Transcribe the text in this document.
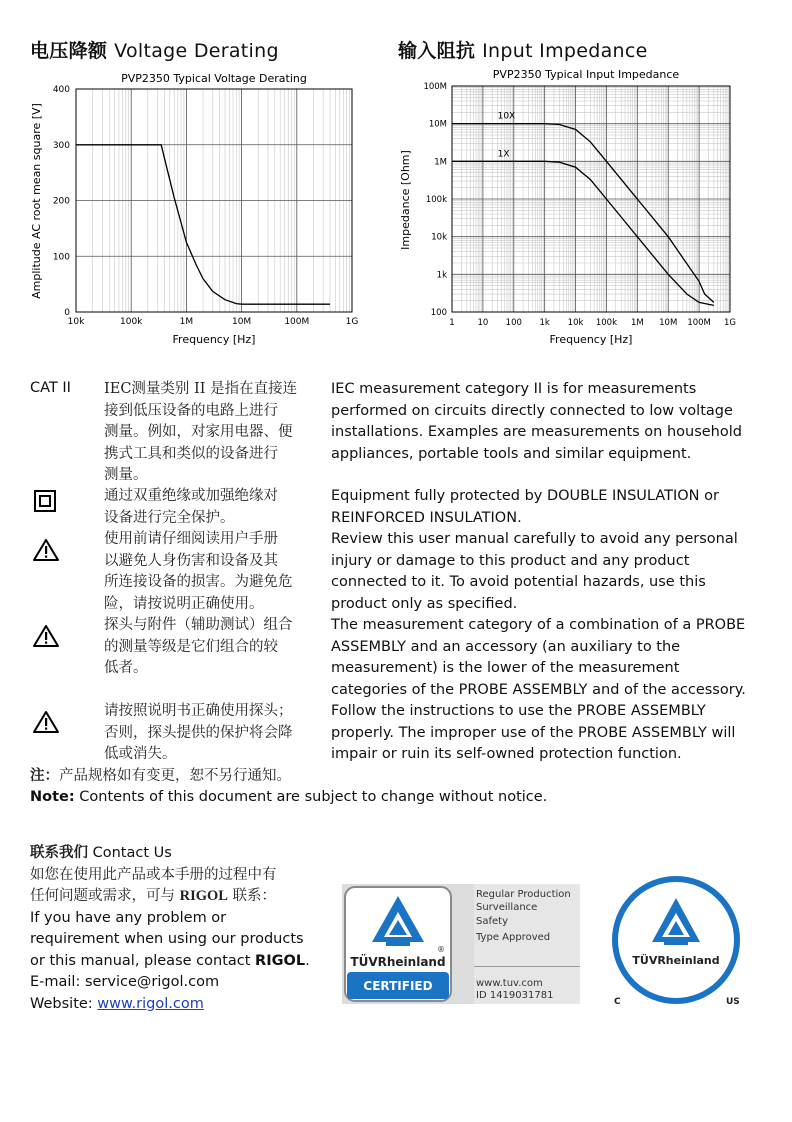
电压降额 Voltage Derating	输入阻抗 Input Impedance
PVP2350 Typical Voltage Derating
10k	100k	1M	10M	100M	1G
0
100
200
300
400
Frequency [Hz]
Amplitude AC root mean square [V]
PVP2350 Typical Input Impedance
1	10 100 1k 10k 100k 1M 10M 100M 1G
100
1k
10k
100k
1M
10M
100M
10X
1X
Frequency [Hz]
Impedance [Ohm]
CAT II IEC测量类别 II 是指在直接连
接到低压设备的电路上进行
测量。例如，对家用电器、便
携式工具和类似的设备进行
测量。
IEC measurement category II is for measurements
performed on circuits directly connected to low voltage
installations. Examples are measurements on household
appliances, portable tools and similar equipment.
通过双重绝缘或加强绝缘对
设备进行完全保护。
Equipment fully protected by DOUBLE INSULATION or
REINFORCED INSULATION.
使用前请仔细阅读用户手册
以避免人身伤害和设备及其
所连接设备的损害。为避免危
险，请按说明正确使用。
Review this user manual carefully to avoid any personal
injury or damage to this product and any product
connected to it. To avoid potential hazards, use this
product only as specified.
探头与附件（辅助测试）组合
的测量等级是它们组合的较
低者。
The measurement category of a combination of a PROBE
ASSEMBLY and an accessory (an auxiliary to the
measurement) is the lower of the measurement
categories of the PROBE ASSEMBLY and of the accessory.
请按照说明书正确使用探头；
否则，探头提供的保护将会降
低或消失。
Follow the instructions to use the PROBE ASSEMBLY
properly. The improper use of the PROBE ASSEMBLY will
impair or ruin its self-owned protection function.
注：产品规格如有变更，恕不另行通知。
Note: Contents of this document are subject to change without notice.
联系我们 Contact Us
如您在使用此产品或本手册的过程中有
任何问题或需求，可与 RIGOL 联系：
If you have any problem or
requirement when using our products
or this manual, please contact RIGOL.
E-mail: service@rigol.com
Website: www.rigol.com
®
TÜVRheinland
CERTIFIED
Regular Production
Surveillance
Safety
Type Approved
www.tuv.com
ID 1419031781
TÜVRheinland
C	US
